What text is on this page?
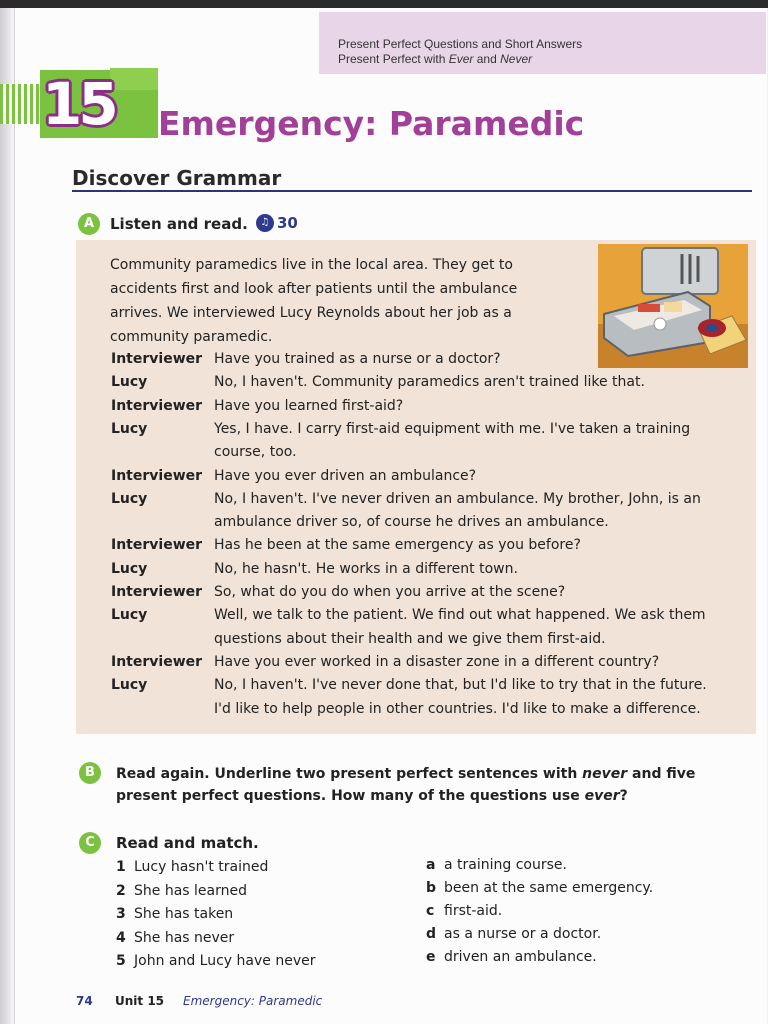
Present Perfect Questions and Short Answers
Present Perfect with Ever and Never
15 Emergency: Paramedic
Discover Grammar
A	Listen and read.	♫ 30
Community paramedics live in the local area. They get to
accidents first and look after patients until the ambulance
arrives. We interviewed Lucy Reynolds about her job as a
community paramedic.
Interviewer Have you trained as a nurse or a doctor?
Lucy	No, I haven't. Community paramedics aren't trained like that.
Interviewer Have you learned first-aid?
Lucy	Yes, I have. I carry first-aid equipment with me. I've taken a training
course, too.
Interviewer Have you ever driven an ambulance?
Lucy	No, I haven't. I've never driven an ambulance. My brother, John, is an
ambulance driver so, of course he drives an ambulance.
Interviewer Has he been at the same emergency as you before?
Lucy	No, he hasn't. He works in a different town.
Interviewer So, what do you do when you arrive at the scene?
Lucy	Well, we talk to the patient. We find out what happened. We ask them
questions about their health and we give them first-aid.
Interviewer Have you ever worked in a disaster zone in a different country?
Lucy	No, I haven't. I've never done that, but I'd like to try that in the future.
I'd like to help people in other countries. I'd like to make a difference.
B	Read again. Underline two present perfect sentences with never and five present perfect questions. How many of the questions use ever?
C	Read and match.
1 Lucy hasn't trained
2 She has learned
3 She has taken
4 She has never
5 John and Lucy have never
a a training course.
b been at the same emergency.
c first-aid.
d as a nurse or a doctor.
e driven an ambulance.
74 Unit 15 Emergency: Paramedic
